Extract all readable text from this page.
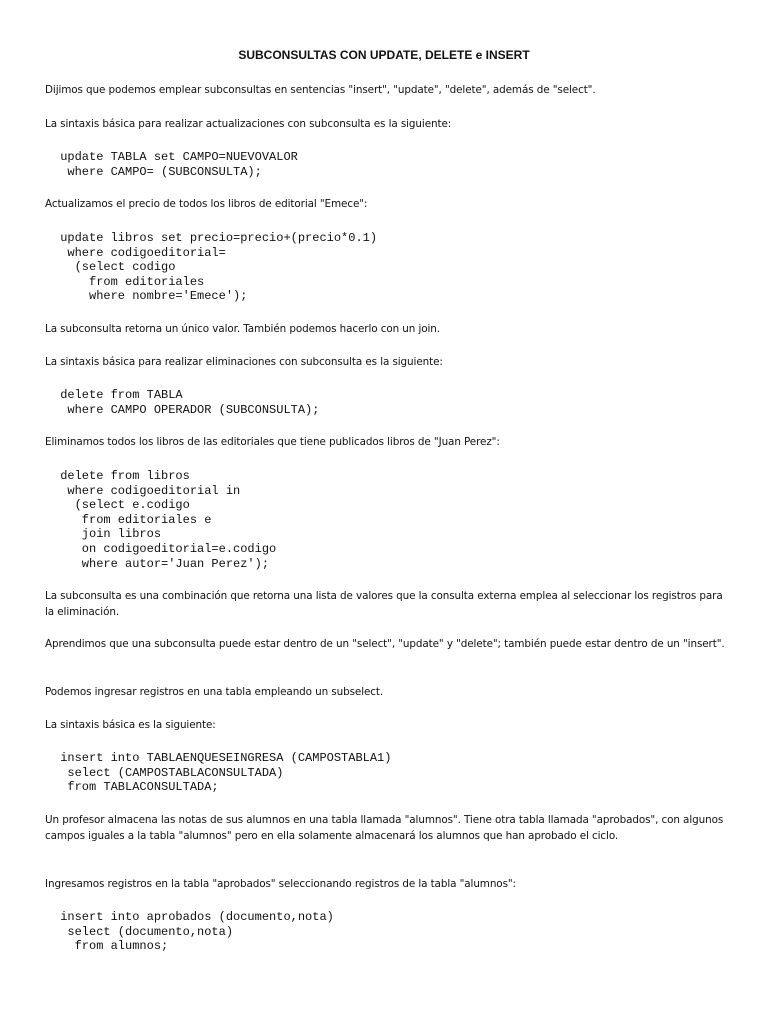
SUBCONSULTAS CON UPDATE, DELETE e INSERT
Dijimos que podemos emplear subconsultas en sentencias "insert", "update", "delete", además de "select".
La sintaxis básica para realizar actualizaciones con subconsulta es la siguiente:
update TABLA set CAMPO=NUEVOVALOR
where CAMPO= (SUBCONSULTA);
Actualizamos el precio de todos los libros de editorial "Emece":
update libros set precio=precio+(precio*0.1)
where codigoeditorial=
(select codigo
from editoriales
where nombre='Emece');
La subconsulta retorna un único valor. También podemos hacerlo con un join.
La sintaxis básica para realizar eliminaciones con subconsulta es la siguiente:
delete from TABLA
where CAMPO OPERADOR (SUBCONSULTA);
Eliminamos todos los libros de las editoriales que tiene publicados libros de "Juan Perez":
delete from libros
where codigoeditorial in
(select e.codigo
from editoriales e
join libros
on codigoeditorial=e.codigo
where autor='Juan Perez');
La subconsulta es una combinación que retorna una lista de valores que la consulta externa emplea al seleccionar los registros para la eliminación.
Aprendimos que una subconsulta puede estar dentro de un "select", "update" y "delete"; también puede estar dentro de un "insert".
Podemos ingresar registros en una tabla empleando un subselect.
La sintaxis básica es la siguiente:
insert into TABLAENQUESEINGRESA (CAMPOSTABLA1)
select (CAMPOSTABLACONSULTADA)
from TABLACONSULTADA;
Un profesor almacena las notas de sus alumnos en una tabla llamada "alumnos". Tiene otra tabla llamada "aprobados", con algunos campos iguales a la tabla "alumnos" pero en ella solamente almacenará los alumnos que han aprobado el ciclo.
Ingresamos registros en la tabla "aprobados" seleccionando registros de la tabla "alumnos":
insert into aprobados (documento,nota)
select (documento,nota)
from alumnos;
